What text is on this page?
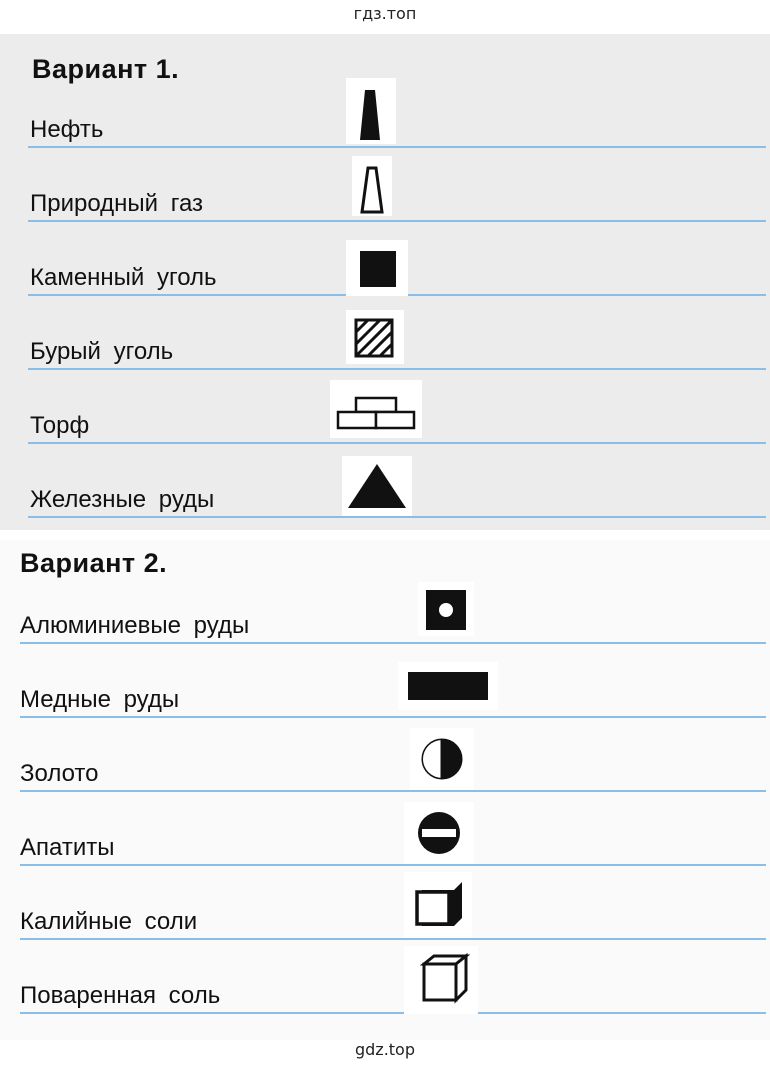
гдз.топ
Вариант 1.
Нефть
Природный газ
Каменный уголь
Бурый уголь
Торф
Железные руды
Вариант 2.
Алюминиевые руды
Медные руды
Золото
Апатиты
Калийные соли
Поваренная соль
gdz.top
